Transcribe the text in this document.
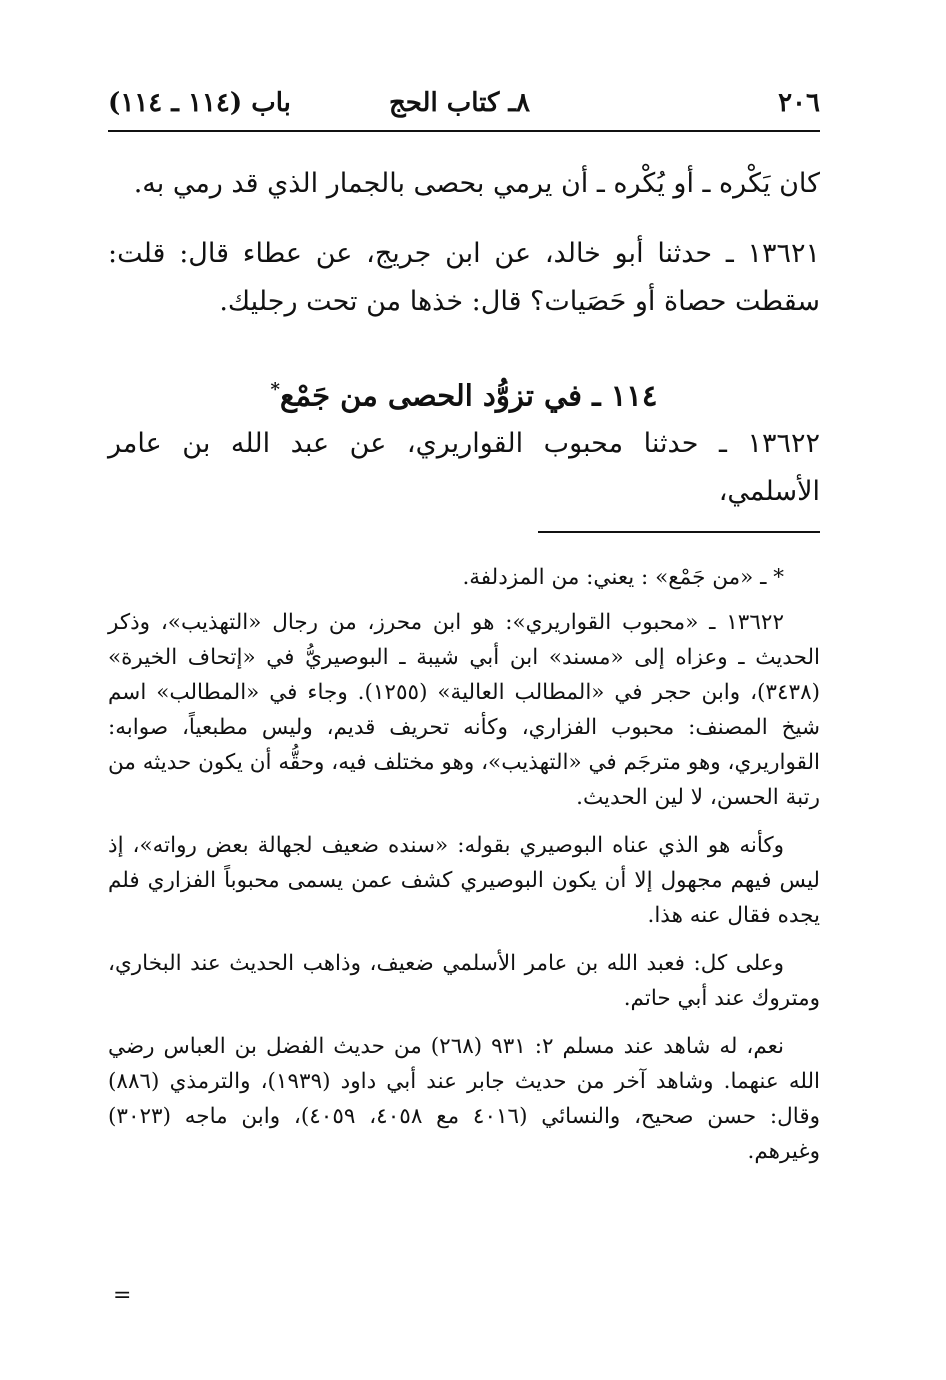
٢٠٦
٨ـ كتاب الحج
باب (١١٤ ـ ١١٤)

كان يَكْره ـ أو يُكْره ـ أن يرمي بحصى بالجمار الذي قد رمي به.

١٣٦٢١ ـ حدثنا أبو خالد، عن ابن جريج، عن عطاء قال: قلت: سقطت حصاة أو حَصَيات؟ قال: خذها من تحت رجليك.

١١٤ ـ في تزوُّد الحصى من جَمْع*

١٣٦٢٢ ـ حدثنا محبوب القواريري، عن عبد الله بن عامر الأسلمي،

* ـ «من جَمْع» : يعني: من المزدلفة.

١٣٦٢٢ ـ «محبوب القواريري»: هو ابن محرز، من رجال «التهذيب»، وذكر الحديث ـ وعزاه إلى «مسند» ابن أبي شيبة ـ البوصيريُّ في «إتحاف الخيرة» (٣٤٣٨)، وابن حجر في «المطالب العالية» (١٢٥٥). وجاء في «المطالب» اسم شيخ المصنف: محبوب الفزاري، وكأنه تحريف قديم، وليس مطبعياً، صوابه: القواريري، وهو مترجَم في «التهذيب»، وهو مختلف فيه، وحقُّه أن يكون حديثه من رتبة الحسن، لا لين الحديث.

وكأنه هو الذي عناه البوصيري بقوله: «سنده ضعيف لجهالة بعض رواته»، إذ ليس فيهم مجهول إلا أن يكون البوصيري كشف عمن يسمى محبوباً الفزاري فلم يجده فقال عنه هذا.

وعلى كل: فعبد الله بن عامر الأسلمي ضعيف، وذاهب الحديث عند البخاري، ومتروك عند أبي حاتم.

نعم، له شاهد عند مسلم ٢: ٩٣١ (٢٦٨) من حديث الفضل بن العباس رضي الله عنهما. وشاهد آخر من حديث جابر عند أبي داود (١٩٣٩)، والترمذي (٨٨٦) وقال: حسن صحيح، والنسائي (٤٠١٦ مع ٤٠٥٨، ٤٠٥٩)، وابن ماجه (٣٠٢٣) وغيرهم.

=
